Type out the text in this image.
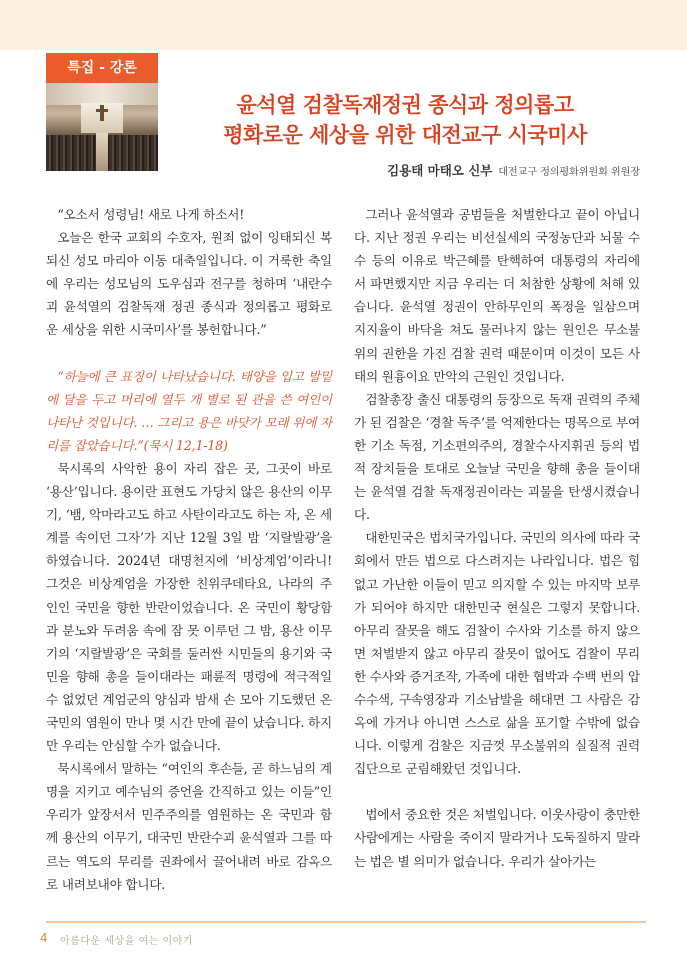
특집 - 강론
윤석열 검찰독재정권 종식과 정의롭고
평화로운 세상을 위한 대전교구 시국미사
김용태 마태오 신부 대전교구 정의평화위원회 위원장

“오소서 성령님! 새로 나게 하소서!

오늘은 한국 교회의 수호자, 원죄 없이 잉태되신 복되신 성모 마리아 이동 대축일입니다. 이 거룩한 축일에 우리는 성모님의 도우심과 전구를 청하며 ‘내란수괴 윤석열의 검찰독재 정권 종식과 정의롭고 평화로운 세상을 위한 시국미사’를 봉헌합니다.”

“하늘에 큰 표징이 나타났습니다. 태양을 입고 발밑에 달을 두고 머리에 열두 개 별로 된 관을 쓴 여인이 나타난 것입니다. … 그리고 용은 바닷가 모래 위에 자리를 잡았습니다.”(묵시 12,1-18)

묵시록의 사악한 용이 자리 잡은 곳, 그곳이 바로 ‘용산’입니다. 용이란 표현도 가당치 않은 용산의 이무기, ‘뱀, 악마라고도 하고 사탄이라고도 하는 자, 온 세계를 속이던 그자’가 지난 12월 3일 밤 ‘지랄발광’을 하였습니다. 2024년 대명천지에 ‘비상계엄’이라니! 그것은 비상계엄을 가장한 친위쿠데타요, 나라의 주인인 국민을 향한 반란이었습니다. 온 국민이 황당함과 분노와 두려움 속에 잠 못 이루던 그 밤, 용산 이무기의 ‘지랄발광’은 국회를 둘러싼 시민들의 용기와 국민을 향해 총을 들이대라는 패륜적 명령에 적극적일 수 없었던 계엄군의 양심과 밤새 손 모아 기도했던 온 국민의 염원이 만나 몇 시간 만에 끝이 났습니다. 하지만 우리는 안심할 수가 없습니다.

묵시록에서 말하는 “여인의 후손들, 곧 하느님의 계명을 지키고 예수님의 증언을 간직하고 있는 이들”인 우리가 앞장서서 민주주의를 염원하는 온 국민과 함께 용산의 이무기, 대국민 반란수괴 윤석열과 그를 따르는 역도의 무리를 권좌에서 끌어내려 바로 감옥으로 내려보내야 합니다.

그러나 윤석열과 공범들을 처벌한다고 끝이 아닙니다. 지난 정권 우리는 비선실세의 국정농단과 뇌물 수수 등의 이유로 박근혜를 탄핵하여 대통령의 자리에서 파면했지만 지금 우리는 더 처참한 상황에 처해 있습니다. 윤석열 정권이 안하무인의 폭정을 일삼으며 지지율이 바닥을 쳐도 물러나지 않는 원인은 무소불위의 권한을 가진 검찰 권력 때문이며 이것이 모든 사태의 원흉이요 만악의 근원인 것입니다.

검찰총장 출신 대통령의 등장으로 독재 권력의 주체가 된 검찰은 ‘경찰 독주’를 억제한다는 명목으로 부여한 기소 독점, 기소편의주의, 경찰수사지휘권 등의 법적 장치들을 토대로 오늘날 국민을 향해 총을 들이대는 윤석열 검찰 독재정권이라는 괴물을 탄생시켰습니다.

대한민국은 법치국가입니다. 국민의 의사에 따라 국회에서 만든 법으로 다스려지는 나라입니다. 법은 힘없고 가난한 이들이 믿고 의지할 수 있는 마지막 보루가 되어야 하지만 대한민국 현실은 그렇지 못합니다. 아무리 잘못을 해도 검찰이 수사와 기소를 하지 않으면 처벌받지 않고 아무리 잘못이 없어도 검찰이 무리한 수사와 증거조작, 가족에 대한 협박과 수백 번의 압수수색, 구속영장과 기소남발을 해대면 그 사람은 감옥에 가거나 아니면 스스로 삶을 포기할 수밖에 없습니다. 이렇게 검찰은 지금껏 무소불위의 실질적 권력집단으로 군림해왔던 것입니다.

법에서 중요한 것은 처벌입니다. 이웃사랑이 충만한 사람에게는 사람을 죽이지 말라거나 도둑질하지 말라는 법은 별 의미가 없습니다. 우리가 살아가는

4 아름다운 세상을 여는 이야기
